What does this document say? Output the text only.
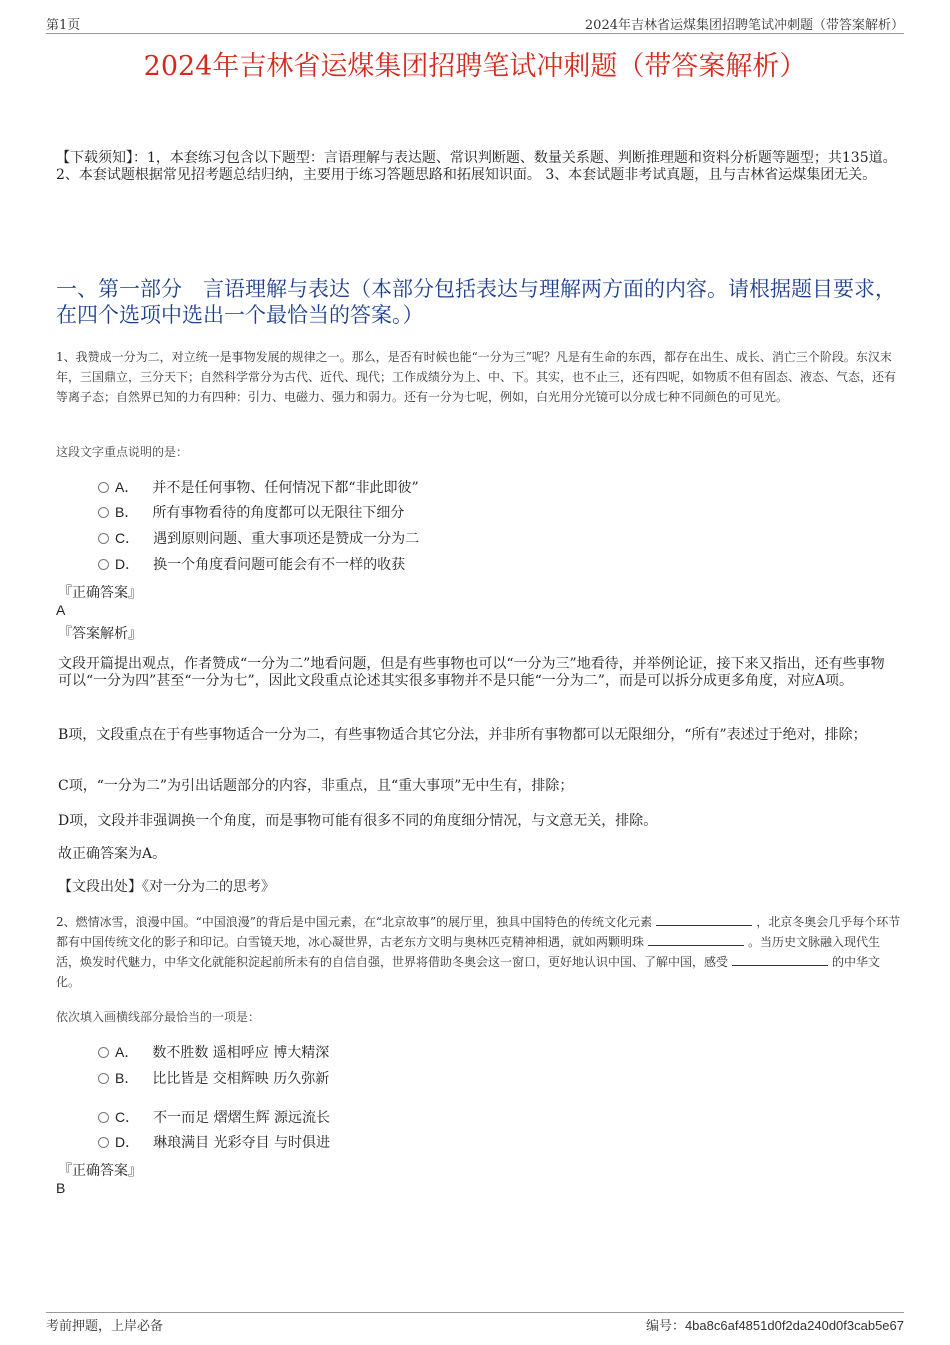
第1页	2024年吉林省运煤集团招聘笔试冲刺题（带答案解析）
2024年吉林省运煤集团招聘笔试冲刺题（带答案解析）
【下载须知】：1，本套练习包含以下题型：言语理解与表达题、常识判断题、数量关系题、判断推理题和资料分析题等题型；共135道。 2、本套试题根据常见招考题总结归纳，主要用于练习答题思路和拓展知识面。 3、本套试题非考试真题，且与吉林省运煤集团无关。
一、第一部分　言语理解与表达（本部分包括表达与理解两方面的内容。请根据题目要求，在四个选项中选出一个最恰当的答案。）
1、我赞成一分为二，对立统一是事物发展的规律之一。那么，是否有时候也能“一分为三”呢？凡是有生命的东西，都存在出生、成长、消亡三个阶段。东汉末年，三国鼎立，三分天下；自然科学常分为古代、近代、现代；工作成绩分为上、中、下。其实，也不止三，还有四呢，如物质不但有固态、液态、气态，还有等离子态；自然界已知的力有四种：引力、电磁力、强力和弱力。还有一分为七呢，例如，白光用分光镜可以分成七种不同颜色的可见光。
这段文字重点说明的是：
A． 并不是任何事物、任何情况下都“非此即彼”
B． 所有事物看待的角度都可以无限往下细分
C． 遇到原则问题、重大事项还是赞成一分为二
D． 换一个角度看问题可能会有不一样的收获
『正确答案』
A
『答案解析』
文段开篇提出观点，作者赞成“一分为二”地看问题，但是有些事物也可以“一分为三”地看待，并举例论证，接下来又指出，还有些事物可以“一分为四”甚至“一分为七”，因此文段重点论述其实很多事物并不是只能“一分为二”，而是可以拆分成更多角度，对应A项。
B项，文段重点在于有些事物适合一分为二，有些事物适合其它分法，并非所有事物都可以无限细分，“所有”表述过于绝对，排除；
C项，“一分为二”为引出话题部分的内容，非重点，且“重大事项”无中生有，排除；
D项，文段并非强调换一个角度，而是事物可能有很多不同的角度细分情况，与文意无关，排除。
故正确答案为A。
【文段出处】《对一分为二的思考》
2、燃情冰雪，浪漫中国。“中国浪漫”的背后是中国元素，在“北京故事”的展厅里，独具中国特色的传统文化元素	，北京冬奥会几乎每个环节都有中国传统文化的影子和印记。白雪镜天地，冰心凝世界，古老东方文明与奥林匹克精神相遇，就如两颗明珠	。当历史文脉融入现代生活，焕发时代魅力，中华文化就能积淀起前所未有的自信自强，世界将借助冬奥会这一窗口，更好地认识中国、了解中国，感受	的中华文化。
依次填入画横线部分最恰当的一项是：
A． 数不胜数 遥相呼应 博大精深
B． 比比皆是 交相辉映 历久弥新
C． 不一而足 熠熠生辉 源远流长
D． 琳琅满目 光彩夺目 与时俱进
『正确答案』
B
考前押题，上岸必备	编号：4ba8c6af4851d0f2da240d0f3cab5e67
